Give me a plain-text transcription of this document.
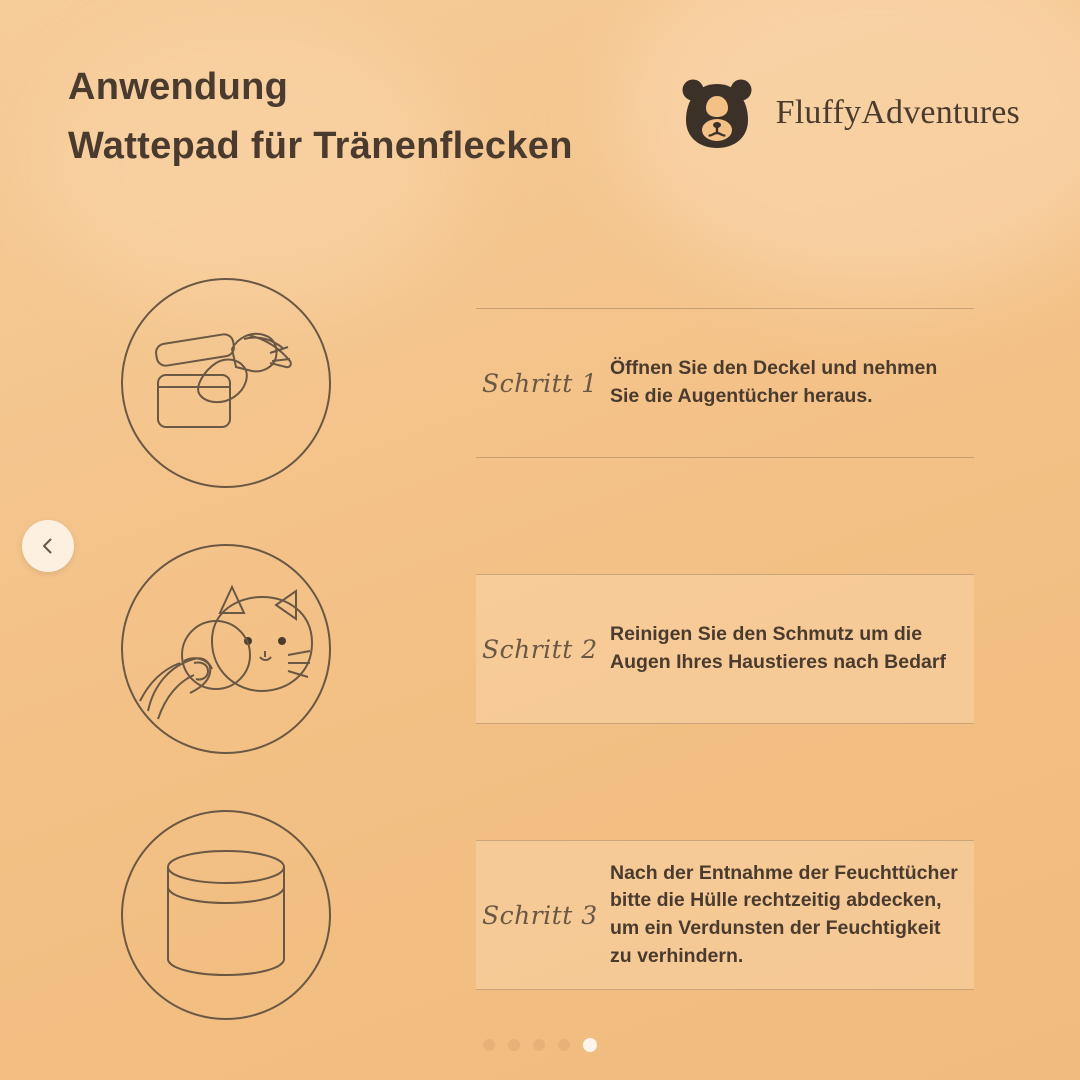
Anwendung
Wattepad für Tränenflecken
FluffyAdventures
Schritt 1
Öffnen Sie den Deckel und nehmen Sie die Augentücher heraus.
Schritt 2
Reinigen Sie den Schmutz um die Augen Ihres Haustieres nach Bedarf
Schritt 3
Nach der Entnahme der Feuchttücher bitte die Hülle rechtzeitig abdecken, um ein Verdunsten der Feuchtigkeit zu verhindern.
